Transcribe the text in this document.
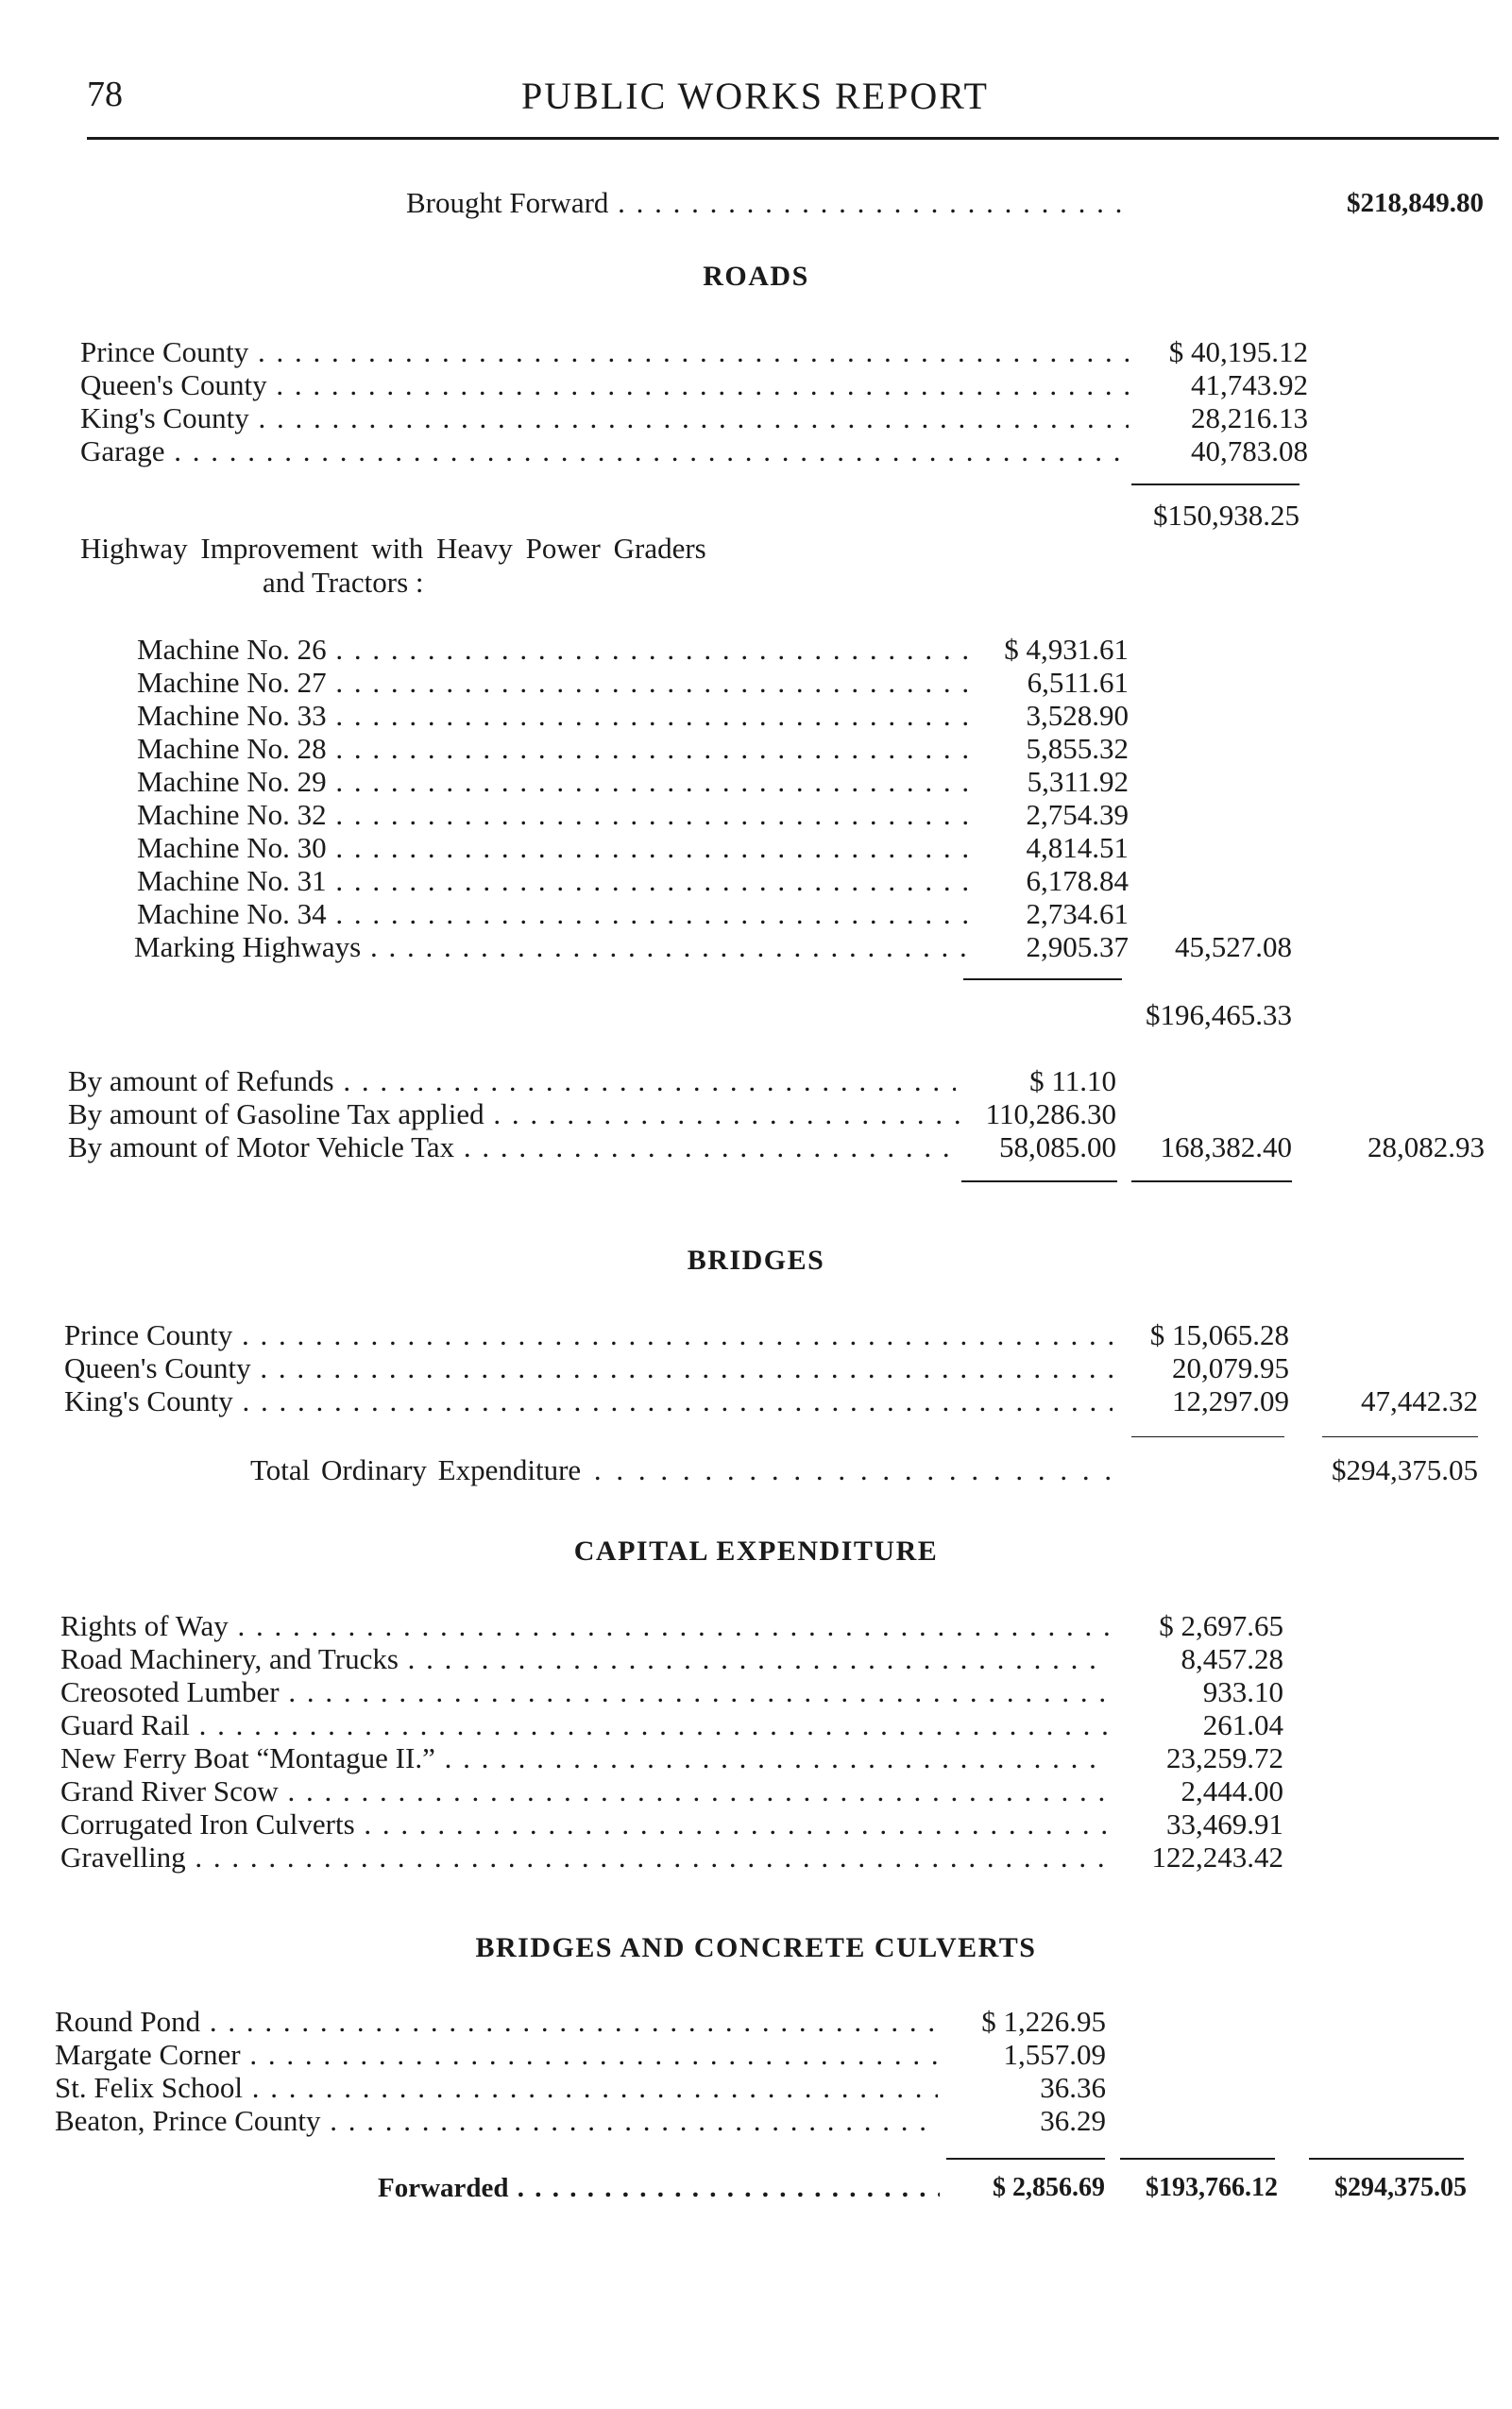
78	PUBLIC WORKS REPORT
Brought Forward . . .	$218,849.80
ROADS
Prince County . . .	$ 40,195.12
Queen's County . . .	41,743.92
King's County . . .	28,216.13
Garage . . .	40,783.08
$150,938.25
Highway Improvement with Heavy Power Graders
and Tractors :
Machine No. 26 . . .	$ 4,931.61
Machine No. 27 . . .	6,511.61
Machine No. 33 . . .	3,528.90
Machine No. 28 . . .	5,855.32
Machine No. 29 . . .	5,311.92
Machine No. 32 . . .	2,754.39
Machine No. 30 . . .	4,814.51
Machine No. 31 . . .	6,178.84
Machine No. 34 . . .	2,734.61
Marking Highways . . .	2,905.37 45,527.08
$196,465.33
By amount of Refunds . . .	$ 11.10
By amount of Gasoline Tax applied . . .	110,286.30
By amount of Motor Vehicle Tax . . .	58,085.00 168,382.40	28,082.93
BRIDGES
Prince County . . .	$ 15,065.28
Queen's County . . .	20,079.95
King's County . . .	12,297.09 47,442.32
Total Ordinary Expenditure . . .	$294,375.05
CAPITAL EXPENDITURE
Rights of Way . . .	$ 2,697.65
Road Machinery, and Trucks . . .	8,457.28
Creosoted Lumber . . .	933.10
Guard Rail . . .	261.04
New Ferry Boat “Montague II.” . . .	23,259.72
Grand River Scow . . .	2,444.00
Corrugated Iron Culverts . . .	33,469.91
Gravelling . . .	122,243.42
BRIDGES AND CONCRETE CULVERTS
Round Pond . . .	$ 1,226.95
Margate Corner . . .	1,557.09
St. Felix School . . .	36.36
Beaton, Prince County . . .	36.29
Forwarded . . .	$ 2,856.69 $193,766.12 $294,375.05
